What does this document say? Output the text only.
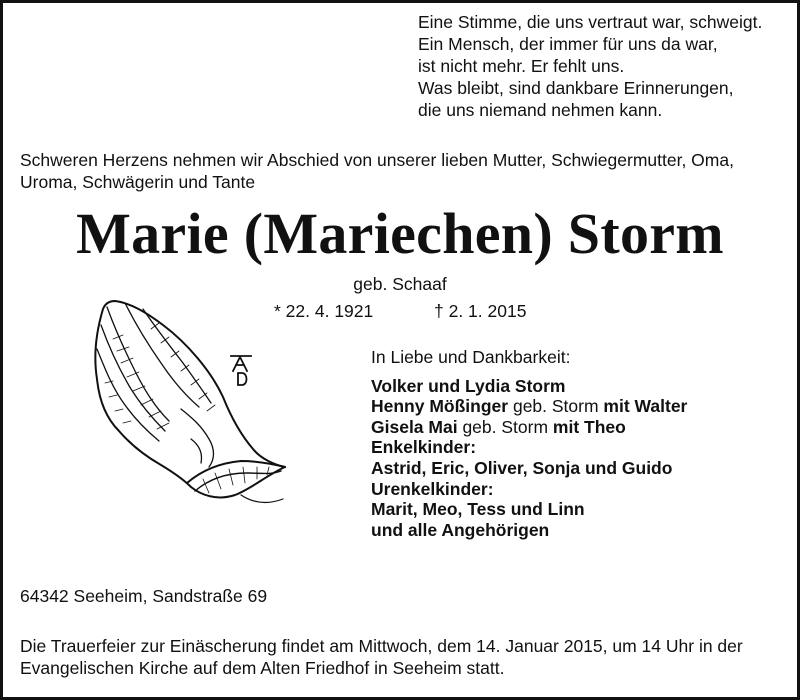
Eine Stimme, die uns vertraut war, schweigt.
Ein Mensch, der immer für uns da war,
ist nicht mehr. Er fehlt uns.
Was bleibt, sind dankbare Erinnerungen,
die uns niemand nehmen kann.
Schweren Herzens nehmen wir Abschied von unserer lieben Mutter, Schwiegermutter, Oma, Uroma, Schwägerin und Tante
Marie (Mariechen) Storm
geb. Schaaf
* 22. 4. 1921	† 2. 1. 2015
In Liebe und Dankbarkeit:
Volker und Lydia Storm
Henny Mößinger geb. Storm mit Walter
Gisela Mai geb. Storm mit Theo
Enkelkinder:
Astrid, Eric, Oliver, Sonja und Guido
Urenkelkinder:
Marit, Meo, Tess und Linn
und alle Angehörigen
64342 Seeheim, Sandstraße 69
Die Trauerfeier zur Einäscherung findet am Mittwoch, dem 14. Januar 2015, um 14 Uhr in der Evangelischen Kirche auf dem Alten Friedhof in Seeheim statt.
